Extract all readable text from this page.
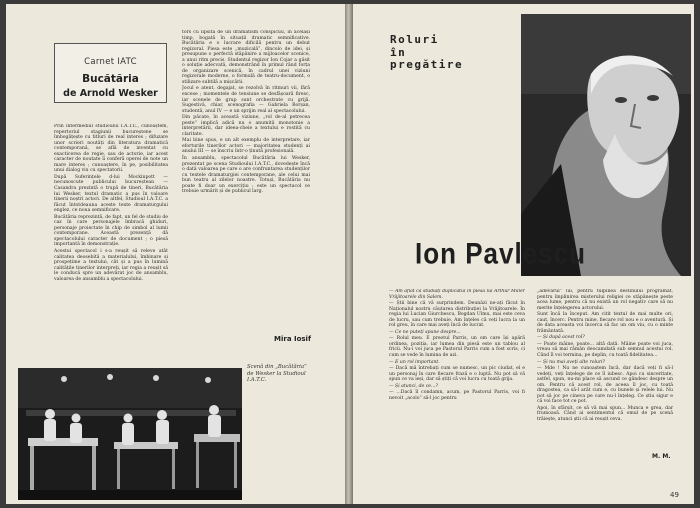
Carnet IATC
Bucătăria
de Arnold Wesker

Prin intermediul studioului I.A.T.C., cunoaștem, repertoriul stagiunii bucureștene se îmbogățește cu titluri de real interes ; difuzare unor scrieri noutăți din literatura dramatică contemporană, se află de inventat cu exacticerea de regie, sau de actorie, iar acest caracter de noutate îi conferă operei de note un mare interes ; cunoaștere, în pe, posibilitatea unui dialog viu cu spectatorii.

După Suferințele d-lui Mockinpott — necunoscute publicului bucureștean — Casandra prezintă o trupă de tineri, Bucătăria lui Wesker, textul dramatic a pus în valoare tinerii noștri actori. De altfel, Studioul I.A.T.C. a făcut întotdeauna aceste texte dramaturgului englez, ce noua semnificare.

Bucătăria reprezintă, de fapt, un fel de studiu de caz în care personajele îmbracă ghiduri, personaje proiectate în chip de simbol al lumii contemporane. Această prezență dă spectacolului caracter de document ; o piesă importantă în demonstrație.

Acestui spectacol i s-a reușit să releve atât calitatea deosebită a materialului, îmbinare și prospețime a textului, cât și a pus în lumină calitățile tinerilor interpreți, iar regia a reușit să le conducă spre un adevărat joc de ansamblu, valoarea de ansamblu a spectacolului.

tors cu lipsită de un dramatism conspicuu, în același timp, bogată în situații dramatic semnificative. Bucătăria e o lucrare dificilă pentru un debut regizoral. Piesa este „muzicală”, dincolo de idei, și presupune o perfectă stăpânire a mijloacelor scenice, a unui ritm precis. Studentul regizor Ion Cojar a găsit o soluție adecvată, demonstrând în primul rând forța de organizare scenică, în cadrul unei viziuni regizorale moderne, o formulă de teatru-document, o stilizare subtilă a mișcării.

Jocul e atent, degajat, se rezolvă în ritmuri vii, fără excese ; momentele de tensiune se desfășoară firesc, iar scenele de grup sunt orchestrate cu grijă. Sugestivă, chiar, scenografia — Gabriela Borșan, studentă, anul IV — e un sprijin real al spectacolului.

Din păcate, în această viziune, „rol de-al petrecea peste” implică adică nu o anumită monotonie a interpretării, dar ideea-cheie a textului e rostită cu claritate.

Mai bine spus, e un alt exemplu de interpretare, iar eforturile tinerilor actori — majoritatea studenți ai anului III — se înscriu într-o ținută profesională.

În ansamblu, spectacolul Bucătăria lui Wesker, prezentat pe scena Studioului I.A.T.C., dovedește încă o dată valoarea pe care o are confruntarea studenților cu textele dramaturgiei contemporane, ale celui mai bun teatru al zilelor noastre. Totuși, Bucătăria nu poate fi doar un exercițiu ; este un spectacol ce trebuie urmărit și de publicul larg.

Mira Iosif
Scenă din „Bucătăria” de Wesker la Studioul I.A.T.C.
Roluri
în
pregătire
Ion Pavlescu

— Am aflat că studiați duplicatul în piesa lui Arthur Miller Vrăjitoarele din Salem.

— Știi bine că vă surprindem. Deunăzi ne-ați făcut în Naționalul nostru căutarea distribuției la Vrăjitoarele. În regia lui Lucian Giurchescu, Bogdan Ulmu, mai este ceva de lucru, sau cum trebuie. Am înțeles că veți lucra la un rol greu, în care mai aveți încă de lucrat.

— Ce ne puteți spune despre...

— Rolul meu. E preotul Parris, un om care își apără ordinea, poziția, iar lumea din piesă este un tablou al fricii. Nu-i voi juca pe Pastorul Parris cum a fost scris, ci cum se vede în lumina de azi.

— E un rol important.

— Dacă mă întrebați cum se numesc, un pic ciudat, el e un personaj în care fiecare frază e o luptă. Nu pot să vă spun ce va ieși, dar să știți că voi lucra cu toată grija.

— Și atunci, de ce...?

— ...Dacă îl condamn, acum, pe Pastorul Parris, voi fi nevoit „acolo” să-l joc pentru

„adevărul” lui, pentru tulpinea destinului programat, pentru împlinirea misterului religiei ce stăpânește peste acea lume, pentru că nu există un rol negativ care să nu merite înțelegerea actorului.

Sunt încă la început. Am citit textul de mai multe ori, caut, încerc. Pentru mine, fiecare rol nou e o aventură. Și de data aceasta voi încerca să fac un om viu, cu o minte frământată.

— Și după acest rol?

— Poate mâine, poate... altă dată. Mâine poate voi juca, vreau să mai rămân deocamdată sub semnul acestui rol. Când îl voi termina, pe deplin, cu toată fidelitatea...

— Și nu mai aveți alte roluri?

— Mde ! Nu ne cunoaștem încă, dar dacă veți fi să-l vedeți, veți înțelege de ce îl iubesc. Apoi cu sinceritate, astfel, spun, nu-mi place să ascund ce gândesc despre un om. Pentru că acest rol, de aceea îl joc, cu toată dragostea, ca să-l arăt cum e, cu bunele și relele lui. Nu pot să joc pe cineva pe care nu-l înțeleg. Ce știu sigur e că voi face tot ce pot.

Apoi, în sfârșit, ce să vă mai spun... Munca e grea, dar frumoasă. Când ai sentimentul că omul de pe scenă trăiește, atunci știi că ai reușit ceva.

M. M.
49
